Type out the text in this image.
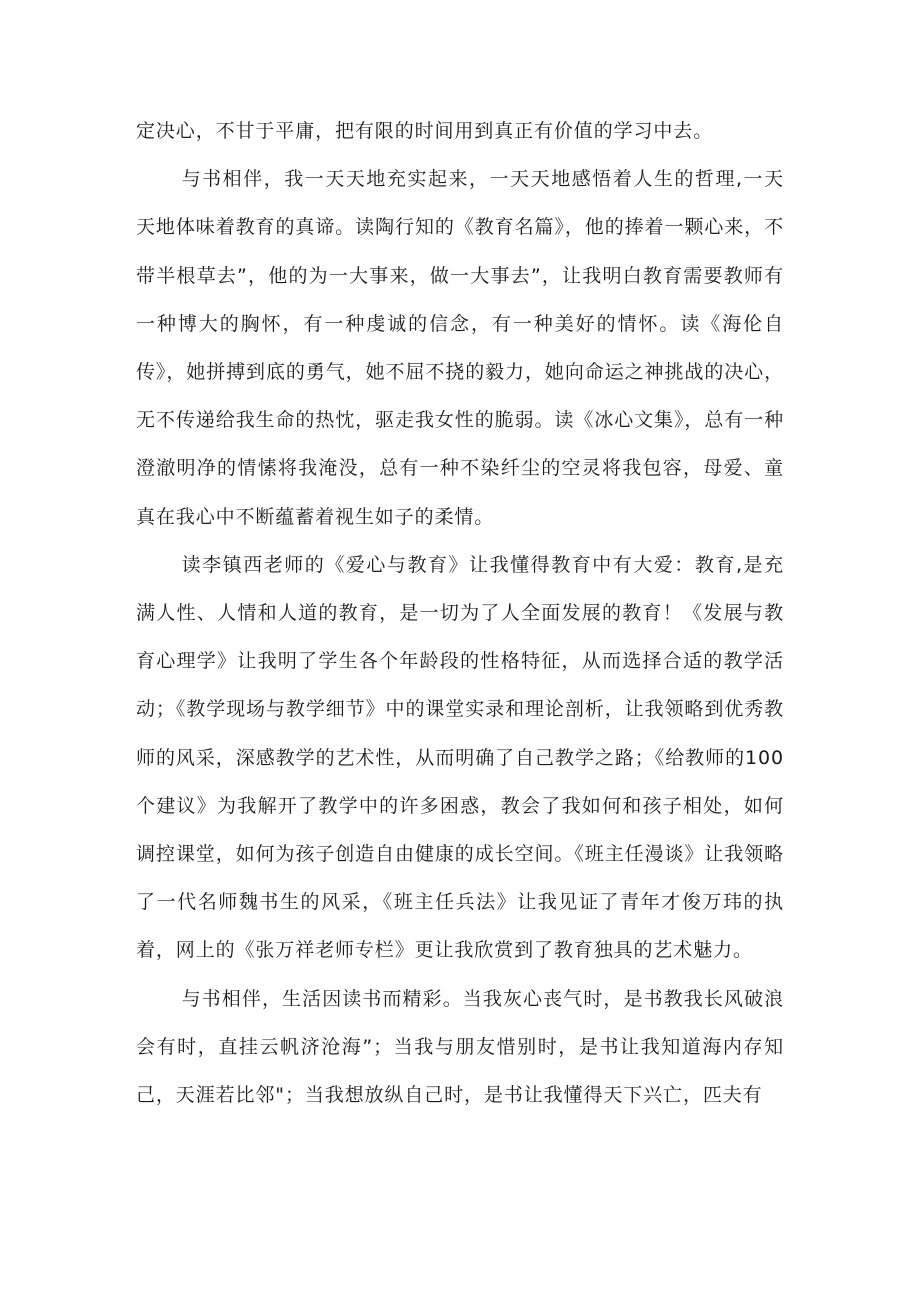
定决心，不甘于平庸，把有限的时间用到真正有价值的学习中去。

与书相伴，我一天天地充实起来，一天天地感悟着人生的哲理,一天天地体味着教育的真谛。读陶行知的《教育名篇》，他的捧着一颗心来，不带半根草去”，他的为一大事来，做一大事去”，让我明白教育需要教师有一种博大的胸怀，有一种虔诚的信念，有一种美好的情怀。读《海伦自传》，她拼搏到底的勇气，她不屈不挠的毅力，她向命运之神挑战的决心，无不传递给我生命的热忱，驱走我女性的脆弱。读《冰心文集》，总有一种澄澈明净的情愫将我淹没，总有一种不染纤尘的空灵将我包容，母爱、童真在我心中不断蕴蓄着视生如子的柔情。

读李镇西老师的《爱心与教育》让我懂得教育中有大爱：教育,是充满人性、人情和人道的教育，是一切为了人全面发展的教育！《发展与教育心理学》让我明了学生各个年龄段的性格特征，从而选择合适的教学活动；《教学现场与教学细节》中的课堂实录和理论剖析，让我领略到优秀教师的风采，深感教学的艺术性，从而明确了自己教学之路；《给教师的100个建议》为我解开了教学中的许多困惑，教会了我如何和孩子相处，如何调控课堂，如何为孩子创造自由健康的成长空间。《班主任漫谈》让我领略了一代名师魏书生的风采，《班主任兵法》让我见证了青年才俊万玮的执着，网上的《张万祥老师专栏》更让我欣赏到了教育独具的艺术魅力。

与书相伴，生活因读书而精彩。当我灰心丧气时，是书教我长风破浪会有时，直挂云帆济沧海”；当我与朋友惜别时，是书让我知道海内存知己，天涯若比邻"；当我想放纵自己时，是书让我懂得天下兴亡，匹夫有
